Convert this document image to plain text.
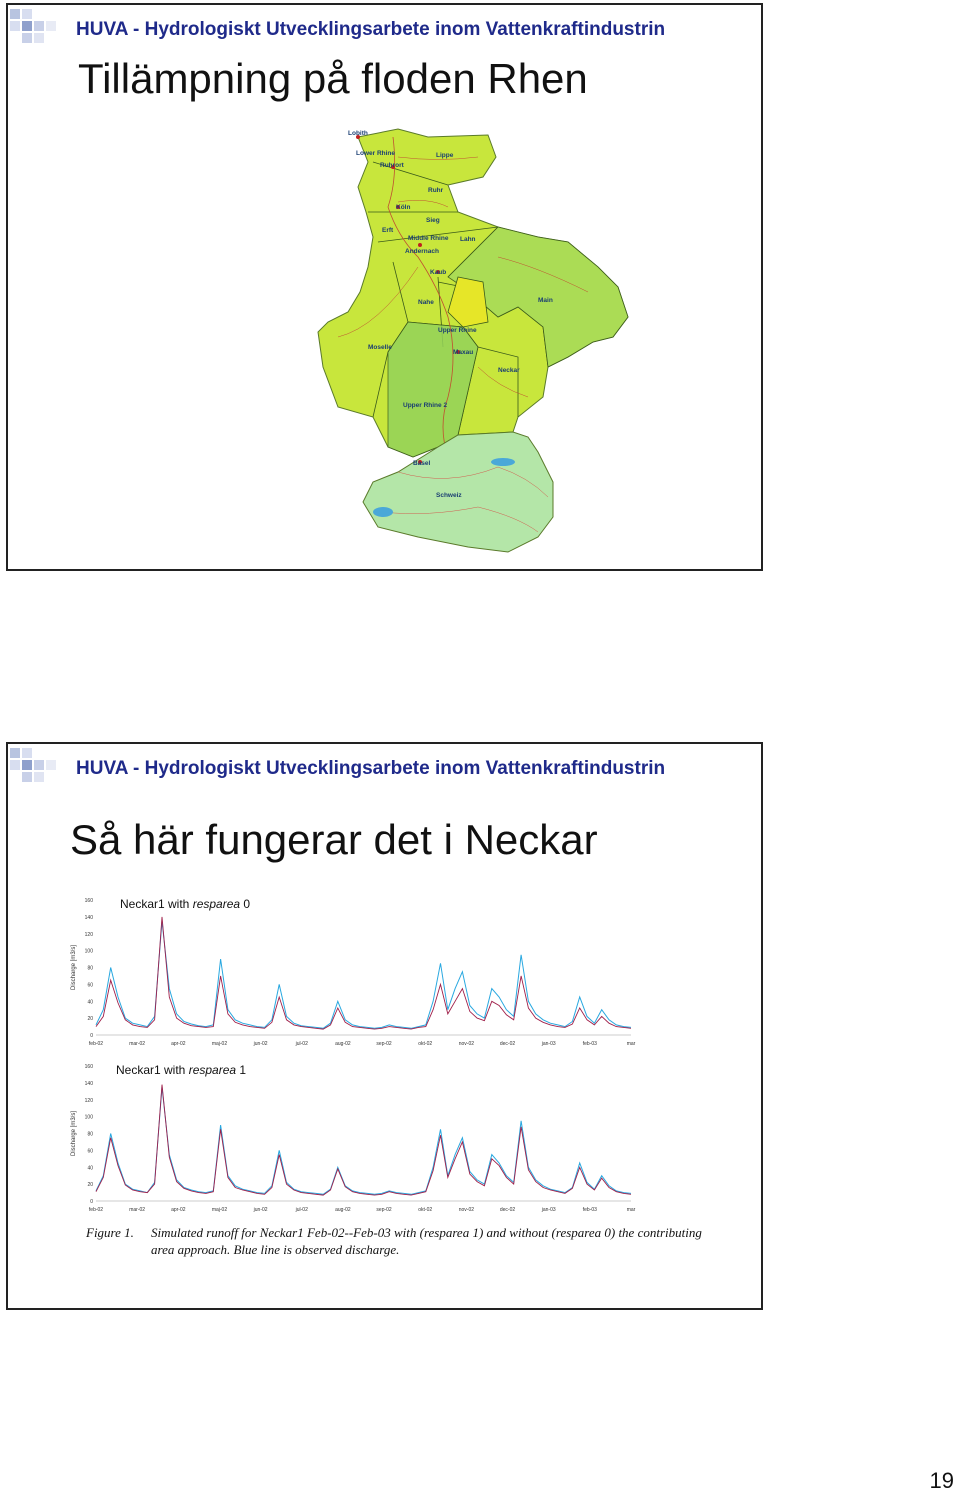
HUVA - Hydrologiskt Utvecklingsarbete inom Vattenkraftindustrin
Tillämpning på floden Rhen
Lobith
Lippe
Lower Rhine
Ruhrort
Ruhr
Köln
Sieg
Erft
Middle Rhine
Andernach
Lahn
Kaub
Main
Nahe
Upper Rhine
Moselle
Maxau
Neckar
Upper Rhine 2
Basel
Schweiz
HUVA - Hydrologiskt Utvecklingsarbete inom Vattenkraftindustrin
Så här fungerar det i Neckar
Neckar1 with resparea 0
0
20
40
60
80
100
120
140
160
Discharge [m3/s]
feb-02	mar-02	apr-02	maj-02	jun-02	jul-02	aug-02	sep-02	okt-02	nov-02	dec-02	jan-03	feb-03	mar
Neckar1 with resparea 1
0
20
40
60
80
100
120
140
160
Discharge [m3/s]
feb-02	mar-02	apr-02	maj-02	jun-02	jul-02	aug-02	sep-02	okt-02	nov-02	dec-02	jan-03	feb-03	mar
Figure 1. Simulated runoff for Neckar1 Feb-02--Feb-03 with (resparea 1) and without (resparea 0) the contributing area approach. Blue line is observed discharge.
19
